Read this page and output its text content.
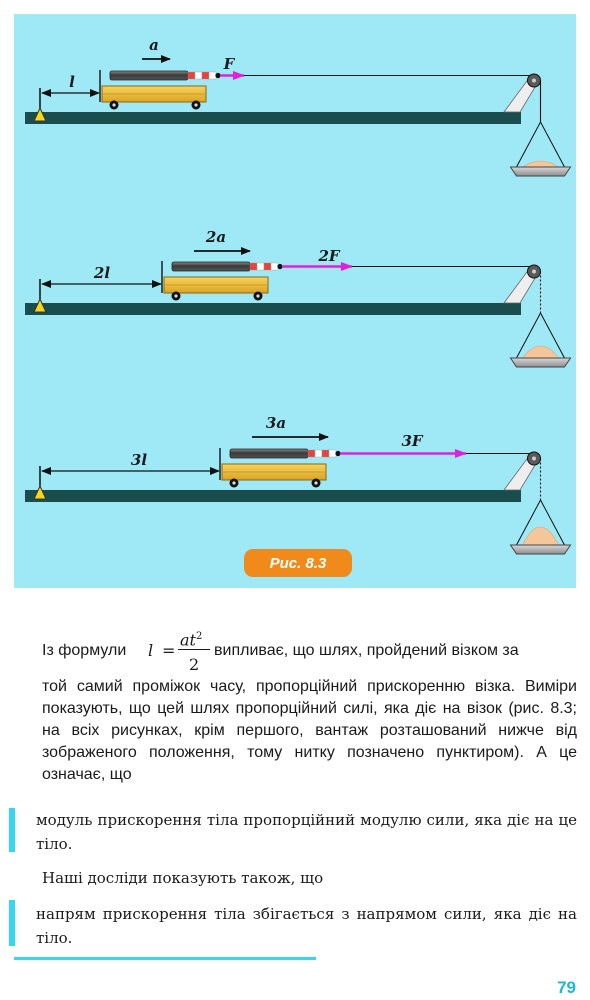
l
F
a
2l
2F
2a
3l
3F
3a
Рис. 8.3
Із формули l =
$at^2$
2
випливає, що шлях, пройдений візком за
той самий проміжок часу, пропорційний прискоренню візка. Виміри показують, що цей шлях пропорційний силі, яка діє на візок (рис. 8.3; на всіх рисунках, крім першого, вантаж розташований нижче від зображеного положення, тому нитку позначено пунктиром). А це означає, що
модуль прискорення тіла пропорційний модулю сили, яка діє на це тіло.
Наші досліди показують також, що
напрям прискорення тіла збігається з напрямом сили, яка діє на тіло.
79
